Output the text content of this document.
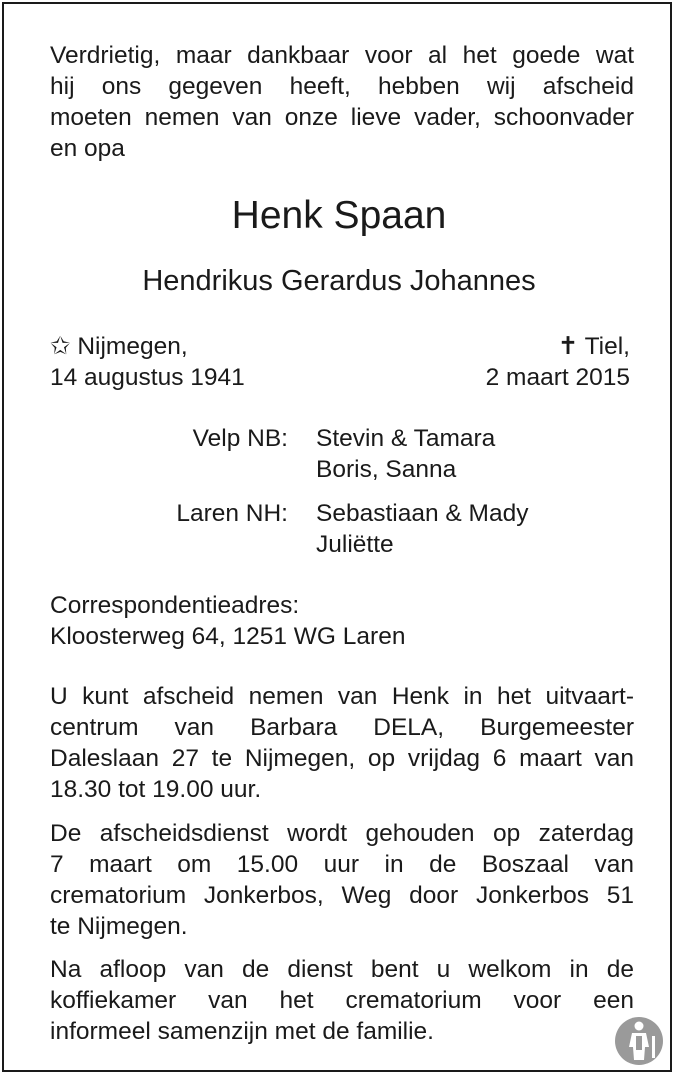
Verdrietig, maar dankbaar voor al het goede wat
hij ons gegeven heeft, hebben wij afscheid
moeten nemen van onze lieve vader, schoonvader
en opa
Henk Spaan
Hendrikus Gerardus Johannes
✩ Nijmegen,
14 augustus 1941
✝ Tiel,
2 maart 2015
Velp NB: Stevin & Tamara
Boris, Sanna
Laren NH: Sebastiaan & Mady
Juliëtte
Correspondentieadres:
Kloosterweg 64, 1251 WG Laren
U kunt afscheid nemen van Henk in het uitvaart-
centrum van Barbara DELA, Burgemeester
Daleslaan 27 te Nijmegen, op vrijdag 6 maart van
18.30 tot 19.00 uur.
De afscheidsdienst wordt gehouden op zaterdag
7 maart om 15.00 uur in de Boszaal van
crematorium Jonkerbos, Weg door Jonkerbos 51
te Nijmegen.
Na afloop van de dienst bent u welkom in de
koffiekamer van het crematorium voor een
informeel samenzijn met de familie.
